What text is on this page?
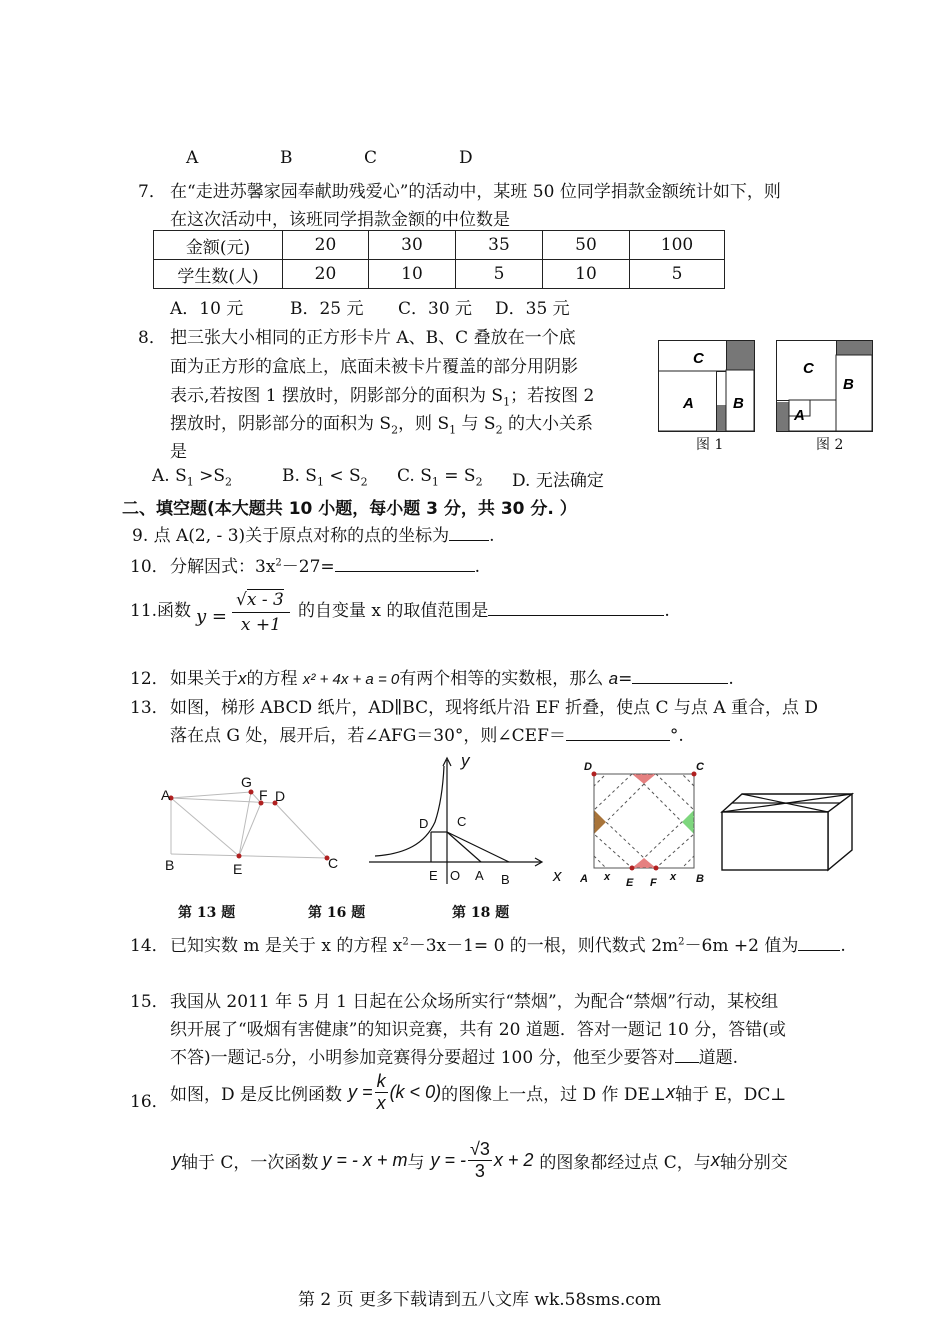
A	B	C	D
7． 在“走进苏馨家园奉献助残爱心”的活动中，某班 50 位同学捐款金额统计如下，则
在这次活动中，该班同学捐款金额的中位数是
金额(元)	20	30	35	50	100
学生数(人)	20	10	5	10	5
A．10 元	B．25 元 C．30 元 D．35 元
8． 把三张大小相同的正方形卡片 A、B、C 叠放在一个底
面为正方形的盒底上，底面未被卡片覆盖的部分用阴影
表示,若按图 1 摆放时，阴影部分的面积为 $S_1$；若按图 2
摆放时，阴影部分的面积为 $S_2$，则 $S_1$ 与 $S_2$ 的大小关系
是
C
A	B
图 1
C
B
A
图 2
A. $S_1 >S_2$	B. $S_1 < S_2$ C. $S_1 = S_2$ D. 无法确定
二、填空题(本大题共 10 小题，每小题 3 分，共 30 分. ）
9. 点 A(2, - 3)关于原点对称的点的坐标为 .
10． 分解因式：$3x^2-27=$	.
11.函数 y =
√x - 3
x +1
的自变量 x 的取值范围是	.
12． 如果关于x的方程 x² + 4x + a = 0有两个相等的实数根，那么 a=	.
13． 如图，梯形 ABCD 纸片，AD∥BC，现将纸片沿 EF 折叠，使点 C 与点 A 重合，点 D
落在点 G 处，展开后，若∠AFG＝30°，则∠CEF＝	°.
A
G
F D
B	E	C
y
D C
E O A B	x
D	C
x
A	x
E F	B
第 13 题	第 16 题	第 18 题
14． 已知实数 m 是关于 x 的方程 $x^2-3x-1= 0$ 的一根，则代数式 $2m^2-6m +2$ 值为 .
15． 我国从 2011 年 5 月 1 日起在公众场所实行“禁烟”，为配合“禁烟”行动，某校组
织开展了“吸烟有害健康”的知识竞赛，共有 20 道题．答对一题记 10 分，答错(或
不答)一题记-5分，小明参加竞赛得分要超过 100 分，他至少要答对 道题.
16． 如图，D 是反比例函数 $y = \frac{k}{x} (k < 0)$ 的图像上一点，过 D 作 DE⊥ x 轴于 E，DC⊥
y 轴于 C，一次函数 y = - x + m 与 y = - $\frac{√3}{3}$ x + 2 的图象都经过点 C，与 x 轴分别交
第 2 页 更多下载请到五八文库 wk.58sms.com
